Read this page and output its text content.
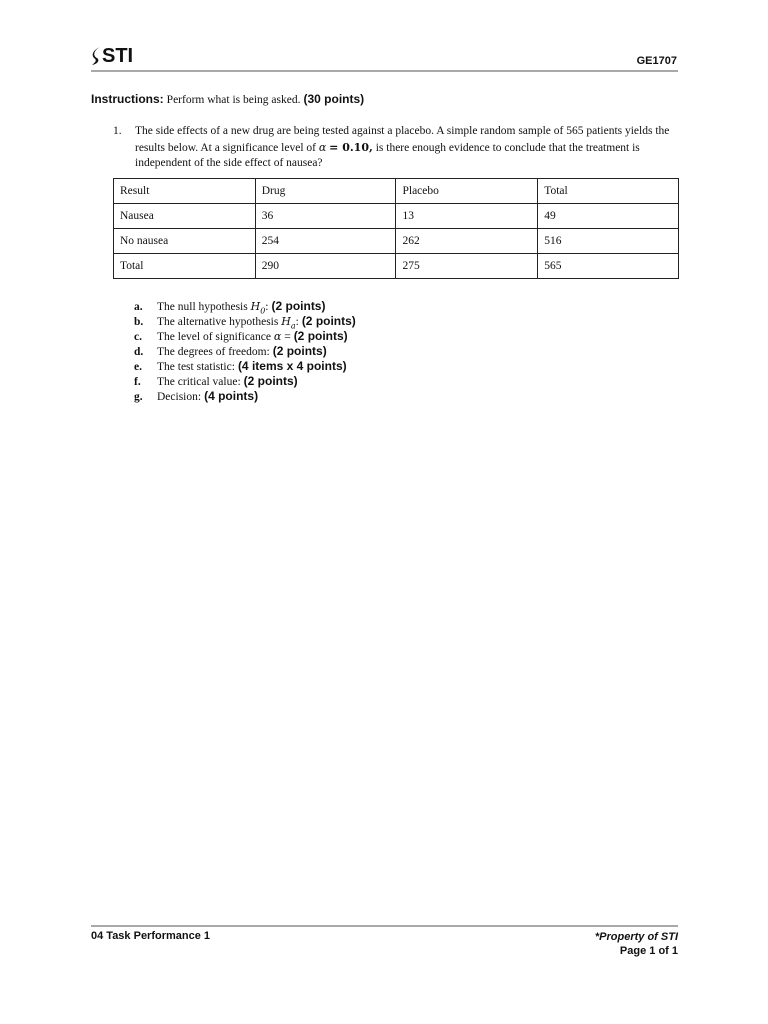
STI	GE1707
Instructions: Perform what is being asked. (30 points)
1. The side effects of a new drug are being tested against a placebo. A simple random sample of 565 patients yields the results below. At a significance level of α = 0.10, is there enough evidence to conclude that the treatment is independent of the side effect of nausea?
Result	Drug	Placebo	Total
Nausea	36	13	49
No nausea	254	262	516
Total	290	275	565
a.	The null hypothesis $H_0$: (2 points)
b.	The alternative hypothesis $H_a$: (2 points)
c.	The level of significance α = (2 points)
d.	The degrees of freedom: (2 points)
e.	The test statistic: (4 items x 4 points)
f.	The critical value: (2 points)
g.	Decision: (4 points)
04 Task Performance 1	*Property of STI
Page 1 of 1
